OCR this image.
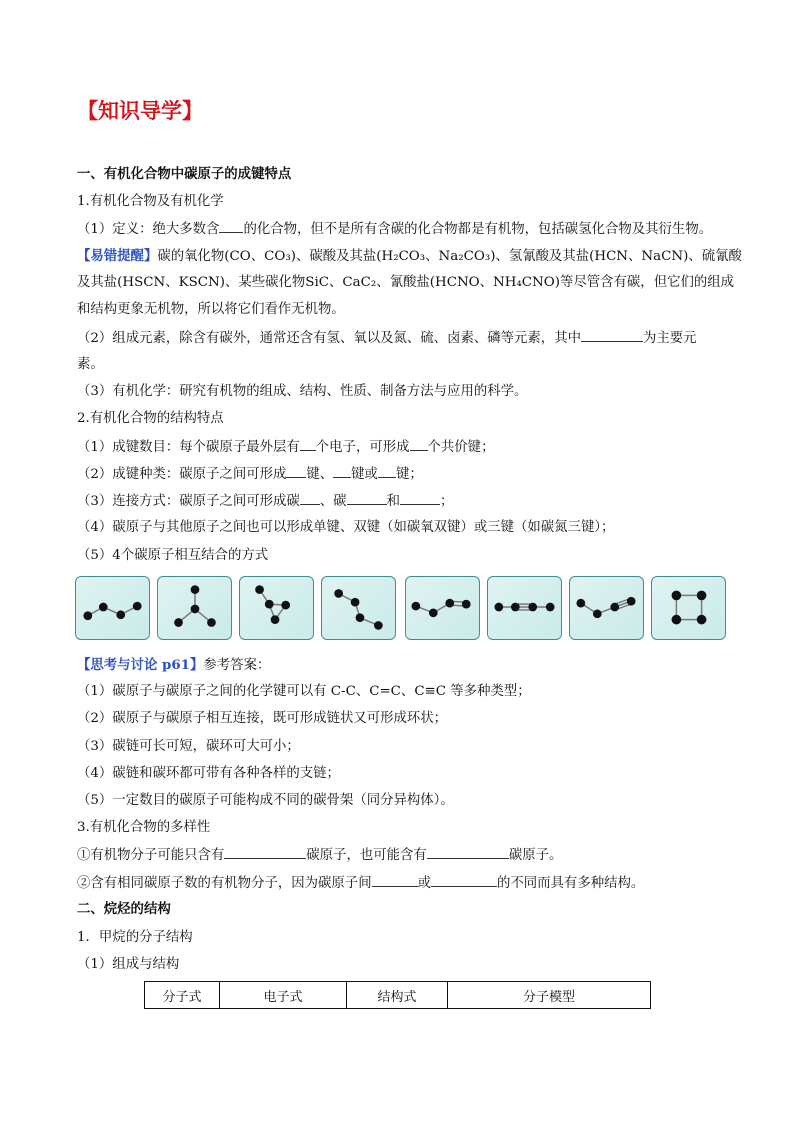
【知识导学】
一、有机化合物中碳原子的成键特点
1.有机化合物及有机化学
（1）定义：绝大多数含 的化合物，但不是所有含碳的化合物都是有机物，包括碳氢化合物及其衍生物。
【易错提醒】碳的氧化物(CO、CO₃)、碳酸及其盐(H₂CO₃、Na₂CO₃)、氢氰酸及其盐(HCN、NaCN)、硫氰酸
及其盐(HSCN、KSCN)、某些碳化物SiC、CaC₂、氰酸盐(HCNO、NH₄CNO)等尽管含有碳，但它们的组成
和结构更象无机物，所以将它们看作无机物。
（2）组成元素，除含有碳外，通常还含有氢、氧以及氮、硫、卤素、磷等元素，其中	为主要元
素。
（3）有机化学：研究有机物的组成、结构、性质、制备方法与应用的科学。
2.有机化合物的结构特点
（1）成键数目：每个碳原子最外层有 个电子，可形成 个共价键；
（2）成键种类：碳原子之间可形成 键、 键或 键；
（3）连接方式：碳原子之间可形成碳 、碳	和	；
（4）碳原子与其他原子之间也可以形成单键、双键（如碳氧双键）或三键（如碳氮三键）；
（5）4个碳原子相互结合的方式
【思考与讨论 p61】参考答案：
（1）碳原子与碳原子之间的化学键可以有 C-C、C=C、C≡C 等多种类型；
（2）碳原子与碳原子相互连接，既可形成链状又可形成环状；
（3）碳链可长可短，碳环可大可小；
（4）碳链和碳环都可带有各种各样的支链；
（5）一定数目的碳原子可能构成不同的碳骨架（同分异构体）。
3.有机化合物的多样性
①有机物分子可能只含有	碳原子，也可能含有	碳原子。
②含有相同碳原子数的有机物分子，因为碳原子间	或	的不同而具有多种结构。
二、烷烃的结构
1．甲烷的分子结构
（1）组成与结构
分子式	电子式	结构式	分子模型
